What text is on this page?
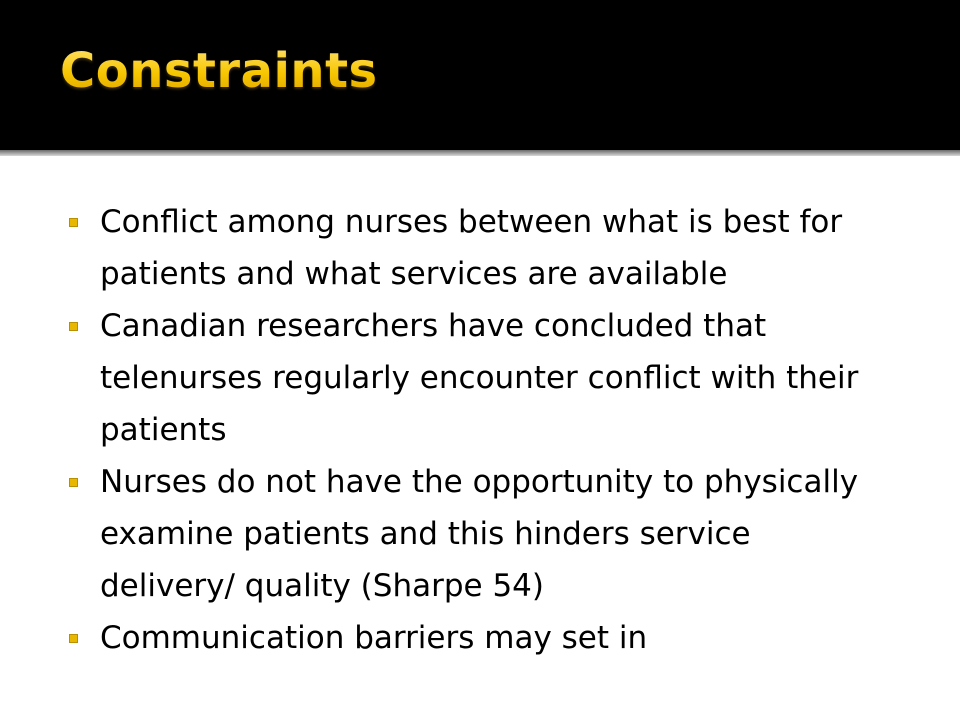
Constraints
Conflict among nurses between what is best for patients and what services are available
Canadian researchers have concluded that telenurses regularly encounter conflict with their patients
Nurses do not have the opportunity to physically examine patients and this hinders service delivery/ quality (Sharpe 54)
Communication barriers may set in
